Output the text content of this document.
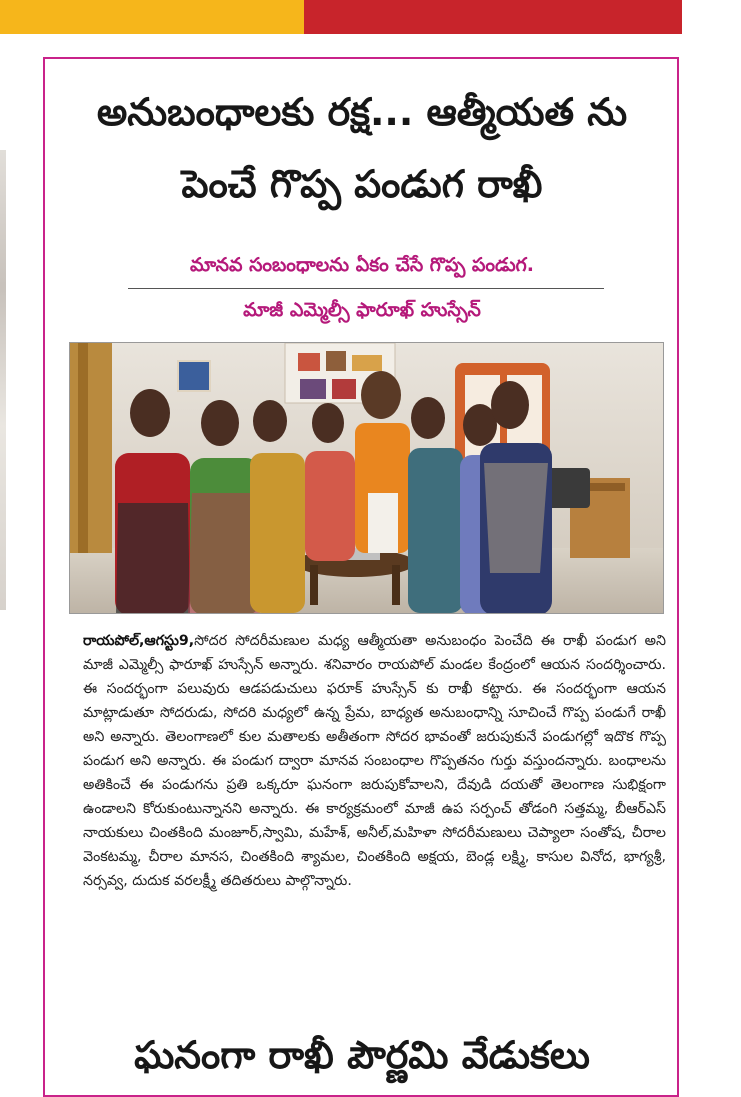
అనుబంధాలకు రక్ష... ఆత్మీయత ను
పెంచే గొప్ప పండుగ రాఖీ
మానవ సంబంధాలను ఏకం చేసే గొప్ప పండుగ.
మాజీ ఎమ్మెల్సీ ఫారూఖ్ హుస్సేన్

రాయపోల్,ఆగస్టు9,సోదర సోదరీమణుల మధ్య ఆత్మీయతా అనుబంధం పెంచేది ఈ రాఖీ పండుగ అని మాజీ ఎమ్మెల్సీ ఫారూఖ్ హుస్సేన్ అన్నారు. శనివారం రాయపోల్ మండల కేంద్రంలో ఆయన సందర్శించారు. ఈ సందర్భంగా పలువురు ఆడపడుచులు ఫరూక్ హుస్సేన్ కు రాఖీ కట్టారు. ఈ సందర్భంగా ఆయన మాట్లాడుతూ సోదరుడు, సోదరి మధ్యలో ఉన్న ప్రేమ, బాధ్యత అనుబంధాన్ని సూచించే గొప్ప పండుగే రాఖీ అని అన్నారు. తెలంగాణలో కుల మతాలకు అతీతంగా సోదర భావంతో జరుపుకునే పండుగల్లో ఇదొక గొప్ప పండుగ అని అన్నారు. ఈ పండుగ ద్వారా మానవ సంబంధాల గొప్పతనం గుర్తు వస్తుందన్నారు. బంధాలను అతికించే ఈ పండుగను ప్రతి ఒక్కరూ ఘనంగా జరుపుకోవాలని, దేవుడి దయతో తెలంగాణ సుభిక్షంగా ఉండాలని కోరుకుంటున్నానని అన్నారు. ఈ కార్యక్రమంలో మాజీ ఉప సర్పంచ్ తోడంగి సత్తమ్మ, బీఆర్ఎస్ నాయకులు చింతకింది మంజూర్,స్వామి, మహేశ్, అనీల్,మహిళా సోదరీమణులు చెప్యాలా సంతోష, చీరాల వెంకటమ్మ, చీరాల మానస, చింతకింది శ్యామల, చింతకింది అక్షయ, బెండ్ల లక్ష్మి, కాసుల వినోద, భాగ్యశ్రీ, నర్సవ్వ, దుదుక వరలక్ష్మీ తదితరులు పాల్గొన్నారు.

ఘనంగా రాఖీ పౌర్ణమి వేడుకలు
